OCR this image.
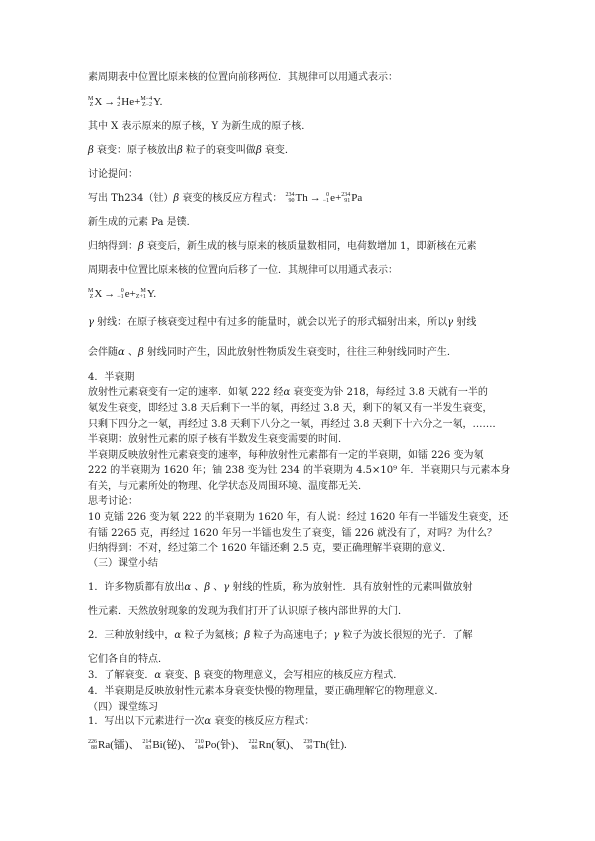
素周期表中位置比原来核的位置向前移两位．其规律可以用通式表示：
M
Z X → 4
2 He+ M−4
Z−2 Y.
其中 X 表示原来的原子核，Y 为新生成的原子核．
β 衰变：原子核放出β 粒子的衰变叫做β 衰变．
讨论提问：
写出 Th234（钍）β 衰变的核反应方程式： 234
90 Th → 0
−1 e+ 234
91 Pa
新生成的元素 Pa 是镤．
归纳得到：β 衰变后，新生成的核与原来的核质量数相同，电荷数增加 1，即新核在元素
周期表中位置比原来核的位置向后移了一位．其规律可以用通式表示：
M
Z X → 0
−1 e+ M
Z+1 Y.
γ 射线：在原子核衰变过程中有过多的能量时，就会以光子的形式辐射出来，所以γ 射线
会伴随α 、β 射线同时产生，因此放射性物质发生衰变时，往往三种射线同时产生．
4．半衰期
放射性元素衰变有一定的速率．如氡 222 经α 衰变变为钋 218，每经过 3.8 天就有一半的
氡发生衰变，即经过 3.8 天后剩下一半的氡，再经过 3.8 天，剩下的氡又有一半发生衰变，
只剩下四分之一氡，再经过 3.8 天剩下八分之一氡，再经过 3.8 天剩下十六分之一氡，……．
半衰期：放射性元素的原子核有半数发生衰变需要的时间．
半衰期反映放射性元素衰变的速率，每种放射性元素都有一定的半衰期，如镭 226 变为氡
222 的半衰期为 1620 年；铀 238 变为钍 234 的半衰期为 4.5×10⁹ 年．半衰期只与元素本身
有关，与元素所处的物理、化学状态及周围环境、温度都无关．
思考讨论：
10 克镭 226 变为氡 222 的半衰期为 1620 年，有人说：经过 1620 年有一半镭发生衰变，还
有镭 2265 克，再经过 1620 年另一半镭也发生了衰变，镭 226 就没有了，对吗？为什么？
归纳得到：不对，经过第二个 1620 年镭还剩 2.5 克，要正确理解半衰期的意义．
（三）课堂小结
1．许多物质都有放出α 、β 、γ 射线的性质，称为放射性．具有放射性的元素叫做放射
性元素．天然放射现象的发现为我们打开了认识原子核内部世界的大门．
2．三种放射线中，α 粒子为氦核；β 粒子为高速电子；γ 粒子为波长很短的光子．了解
它们各自的特点．
3．了解衰变．α 衰变、β 衰变的物理意义，会写相应的核反应方程式．
4．半衰期是反映放射性元素本身衰变快慢的物理量，要正确理解它的物理意义．
（四）课堂练习
1．写出以下元素进行一次α 衰变的核反应方程式：
226
88 Ra(镭)、 214
83 Bi(铋)、 210
84 Po(钋)、 222
86 Rn(氡)、 239
90 Th(钍).
